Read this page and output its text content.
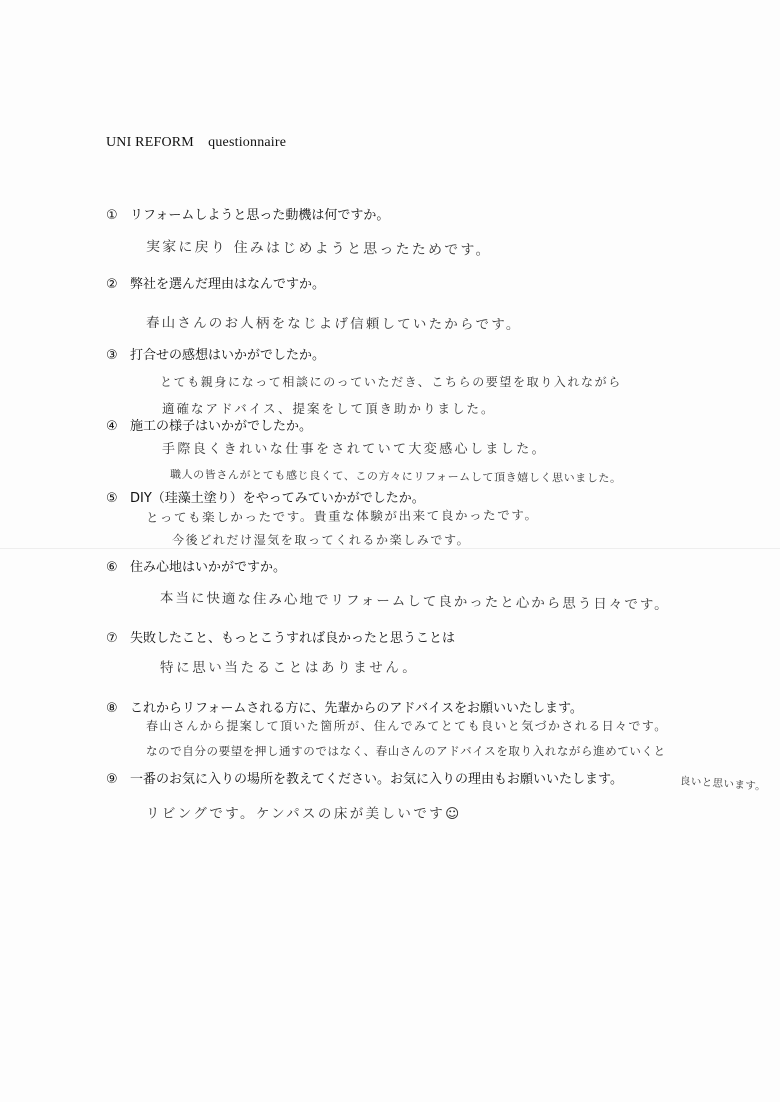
UNI REFORM　questionnaire
① リフォームしようと思った動機は何ですか。
実家に戻り 住みはじめようと思ったためです。
② 弊社を選んだ理由はなんですか。
春山さんのお人柄をなじよげ信頼していたからです。
③ 打合せの感想はいかがでしたか。
とても親身になって相談にのっていただき、こちらの要望を取り入れながら
適確なアドバイス、提案をして頂き助かりました。
④ 施工の様子はいかがでしたか。
手際良くきれいな仕事をされていて大変感心しました。
職人の皆さんがとても感じ良くて、この方々にリフォームして頂き嬉しく思いました。
⑤ DIY（珪藻土塗り）をやってみていかがでしたか。
とっても楽しかったです。貴重な体験が出来て良かったです。
今後どれだけ湿気を取ってくれるか楽しみです。
⑥ 住み心地はいかがですか。
本当に快適な住み心地でリフォームして良かったと心から思う日々です。
⑦ 失敗したこと、もっとこうすれば良かったと思うことは
特に思い当たることはありません。
⑧ これからリフォームされる方に、先輩からのアドバイスをお願いいたします。
春山さんから提案して頂いた箇所が、住んでみてとても良いと気づかされる日々です。
なので自分の要望を押し通すのではなく、春山さんのアドバイスを取り入れながら進めていくと
良いと思います。
⑨ 一番のお気に入りの場所を教えてください。お気に入りの理由もお願いいたします。
リビングです。ケンパスの床が美しいです☺
